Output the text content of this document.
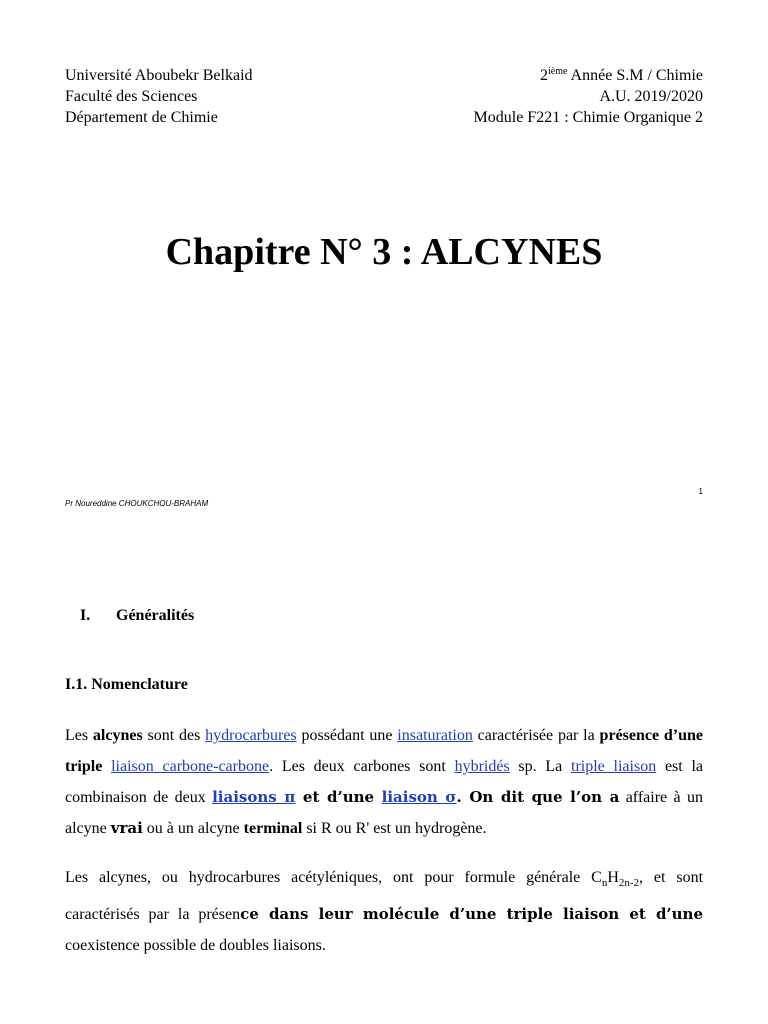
Université Aboubekr Belkaid
Faculté des Sciences
Département de Chimie
2ième Année S.M / Chimie
A.U. 2019/2020
Module F221 : Chimie Organique 2
Chapitre N° 3 : ALCYNES
Pr Noureddine CHOUKCHOU-BRAHAM
1
I. Généralités
I.1. Nomenclature

Les alcynes sont des hydrocarbures possédant une insaturation caractérisée par la présence d’une triple liaison carbone-carbone. Les deux carbones sont hybridés sp. La triple liaison est la combinaison de deux liaisons π et d’une liaison σ. On dit que l’on a affaire à un alcyne vrai ou à un alcyne terminal si R ou R' est un hydrogène.

Les alcynes, ou hydrocarbures acétyléniques, ont pour formule générale $C_nH_{2n-2}$, et sont caractérisés par la présence dans leur molécule d’une triple liaison et d’une coexistence possible de doubles liaisons.
